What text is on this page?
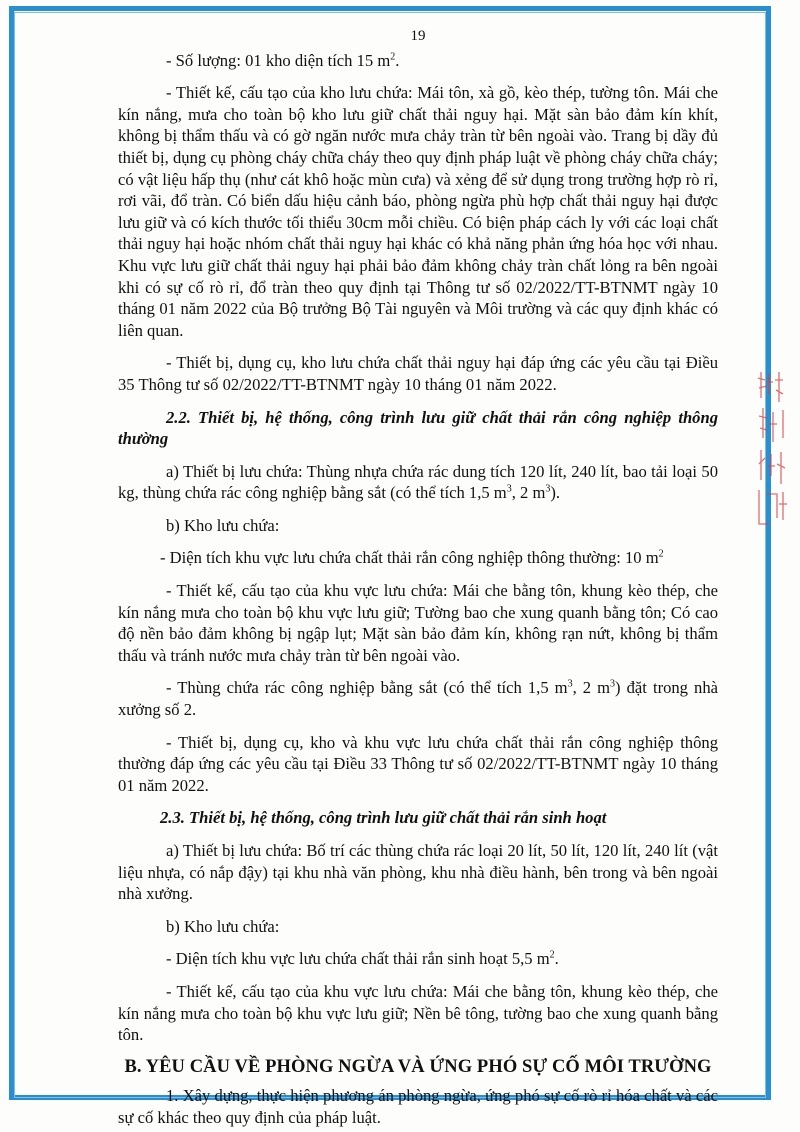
19

- Số lượng: 01 kho diện tích 15 $m^2$.

- Thiết kế, cấu tạo của kho lưu chứa: Mái tôn, xà gồ, kèo thép, tường tôn. Mái che kín nắng, mưa cho toàn bộ kho lưu giữ chất thải nguy hại. Mặt sàn bảo đảm kín khít, không bị thẩm thấu và có gờ ngăn nước mưa chảy tràn từ bên ngoài vào. Trang bị dầy đủ thiết bị, dụng cụ phòng cháy chữa cháy theo quy định pháp luật về phòng cháy chữa cháy; có vật liệu hấp thụ (như cát khô hoặc mùn cưa) và xẻng để sử dụng trong trường hợp rò rỉ, rơi vãi, đổ tràn. Có biển dấu hiệu cảnh báo, phòng ngừa phù hợp chất thải nguy hại được lưu giữ và có kích thước tối thiểu 30cm mỗi chiều. Có biện pháp cách ly với các loại chất thải nguy hại hoặc nhóm chất thải nguy hại khác có khả năng phản ứng hóa học với nhau. Khu vực lưu giữ chất thải nguy hại phải bảo đảm không chảy tràn chất lỏng ra bên ngoài khi có sự cố rò rỉ, đổ tràn theo quy định tại Thông tư số 02/2022/TT-BTNMT ngày 10 tháng 01 năm 2022 của Bộ trưởng Bộ Tài nguyên và Môi trường và các quy định khác có liên quan.

- Thiết bị, dụng cụ, kho lưu chứa chất thải nguy hại đáp ứng các yêu cầu tại Điều 35 Thông tư số 02/2022/TT-BTNMT ngày 10 tháng 01 năm 2022.

2.2. Thiết bị, hệ thống, công trình lưu giữ chất thải rắn công nghiệp thông thường

a) Thiết bị lưu chứa: Thùng nhựa chứa rác dung tích 120 lít, 240 lít, bao tải loại 50 kg, thùng chứa rác công nghiệp bằng sắt (có thể tích 1,5 $m^3$, 2 $m^3$).

b) Kho lưu chứa:

- Diện tích khu vực lưu chứa chất thải rắn công nghiệp thông thường: 10 $m^2$

- Thiết kế, cấu tạo của khu vực lưu chứa: Mái che bằng tôn, khung kèo thép, che kín nắng mưa cho toàn bộ khu vực lưu giữ; Tường bao che xung quanh bằng tôn; Có cao độ nền bảo đảm không bị ngập lụt; Mặt sàn bảo đảm kín, không rạn nứt, không bị thẩm thấu và tránh nước mưa chảy tràn từ bên ngoài vào.

- Thùng chứa rác công nghiệp bằng sắt (có thể tích 1,5 $m^3$, 2 $m^3$) đặt trong nhà xưởng số 2.

- Thiết bị, dụng cụ, kho và khu vực lưu chứa chất thải rắn công nghiệp thông thường đáp ứng các yêu cầu tại Điều 33 Thông tư số 02/2022/TT-BTNMT ngày 10 tháng 01 năm 2022.

2.3. Thiết bị, hệ thống, công trình lưu giữ chất thải rắn sinh hoạt

a) Thiết bị lưu chứa: Bố trí các thùng chứa rác loại 20 lít, 50 lít, 120 lít, 240 lít (vật liệu nhựa, có nắp đậy) tại khu nhà văn phòng, khu nhà điều hành, bên trong và bên ngoài nhà xưởng.

b) Kho lưu chứa:

- Diện tích khu vực lưu chứa chất thải rắn sinh hoạt 5,5 $m^2$.

- Thiết kế, cấu tạo của khu vực lưu chứa: Mái che bằng tôn, khung kèo thép, che kín nắng mưa cho toàn bộ khu vực lưu giữ; Nền bê tông, tường bao che xung quanh bằng tôn.

B. YÊU CẦU VỀ PHÒNG NGỪA VÀ ỨNG PHÓ SỰ CỐ MÔI TRƯỜNG

1. Xây dựng, thực hiện phương án phòng ngừa, ứng phó sự cố rò rỉ hóa chất và các sự cố khác theo quy định của pháp luật.
